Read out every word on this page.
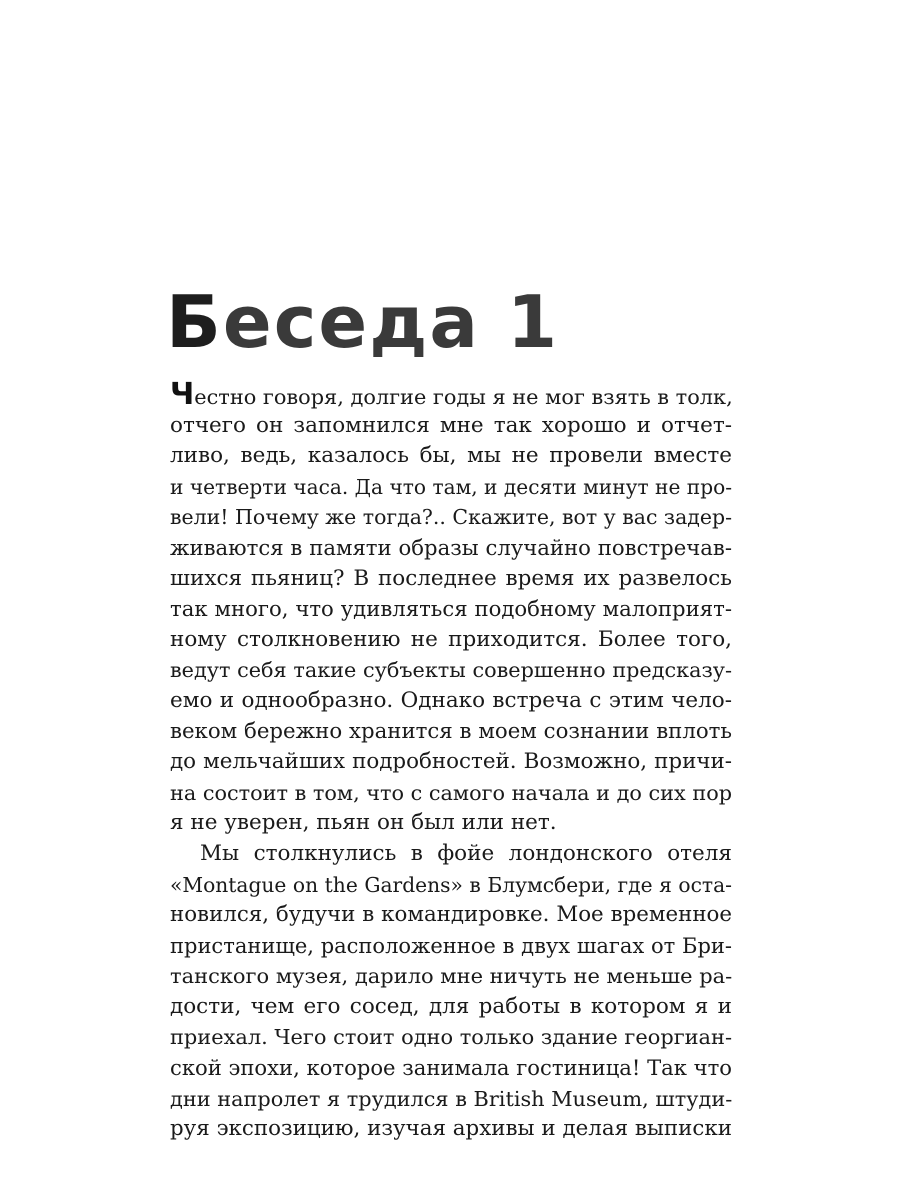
Беседа 1
Честно говоря, долгие годы я не мог взять в толк,
отчего он запомнился мне так хорошо и отчет-
ливо, ведь, казалось бы, мы не провели вместе
и четверти часа. Да что там, и десяти минут не про-
вели! Почему же тогда?.. Скажите, вот у вас задер-
живаются в памяти образы случайно повстречав-
шихся пьяниц? В последнее время их развелось
так много, что удивляться подобному малоприят-
ному столкновению не приходится. Более того,
ведут себя такие субъекты совершенно предсказу-
емо и однообразно. Однако встреча с этим чело-
веком бережно хранится в моем сознании вплоть
до мельчайших подробностей. Возможно, причи-
на состоит в том, что с самого начала и до сих пор
я не уверен, пьян он был или нет.
Мы столкнулись в фойе лондонского отеля
«Montague on the Gardens» в Блумсбери, где я оста-
новился, будучи в командировке. Мое временное
пристанище, расположенное в двух шагах от Бри-
танского музея, дарило мне ничуть не меньше ра-
дости, чем его сосед, для работы в котором я и
приехал. Чего стоит одно только здание георгиан-
ской эпохи, которое занимала гостиница! Так что
дни напролет я трудился в British Museum, штуди-
руя экспозицию, изучая архивы и делая выписки
